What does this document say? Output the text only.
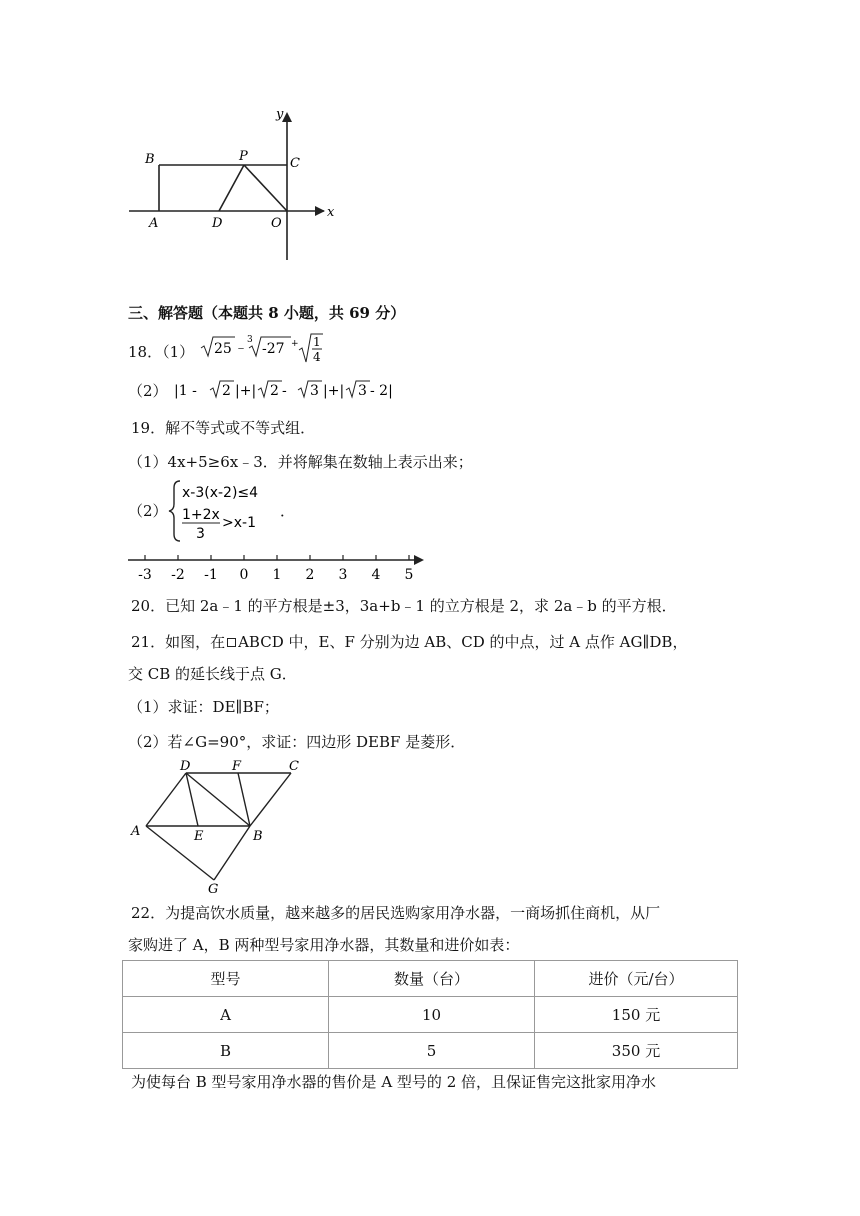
y
x
B	P	C
A	D	O
三、解答题（本题共 8 小题，共 69 分）
18．（1） 25 ﹣ 3
-27 + 1
4
（2） |1 - 2 |+| 2 - 3 |+| 3 - 2|
19．解不等式或不等式组．
（1）4x+5≥6x﹣3．并将解集在数轴上表示出来；
（2）
x-3(x-2)≤4
1+2x
3
>x-1
．
-3 -2 -1 0 1 2 3 4 5
20．已知 2a﹣1 的平方根是±3，3a+b﹣1 的立方根是 2，求 2a﹣b 的平方根．
21．如图，在 ABCD 中，E、F 分别为边 AB、CD 的中点，过 A 点作 AG∥DB，
交 CB 的延长线于点 G．
（1）求证：DE∥BF；
（2）若∠G=90°，求证：四边形 DEBF 是菱形．
D	F	C
A	E	B
G
22．为提高饮水质量，越来越多的居民选购家用净水器，一商场抓住商机，从厂
家购进了 A，B 两种型号家用净水器，其数量和进价如表：
型号	数量（台）	进价（元/台）
A	10	150 元
B	5	350 元
为使每台 B 型号家用净水器的售价是 A 型号的 2 倍，且保证售完这批家用净水
